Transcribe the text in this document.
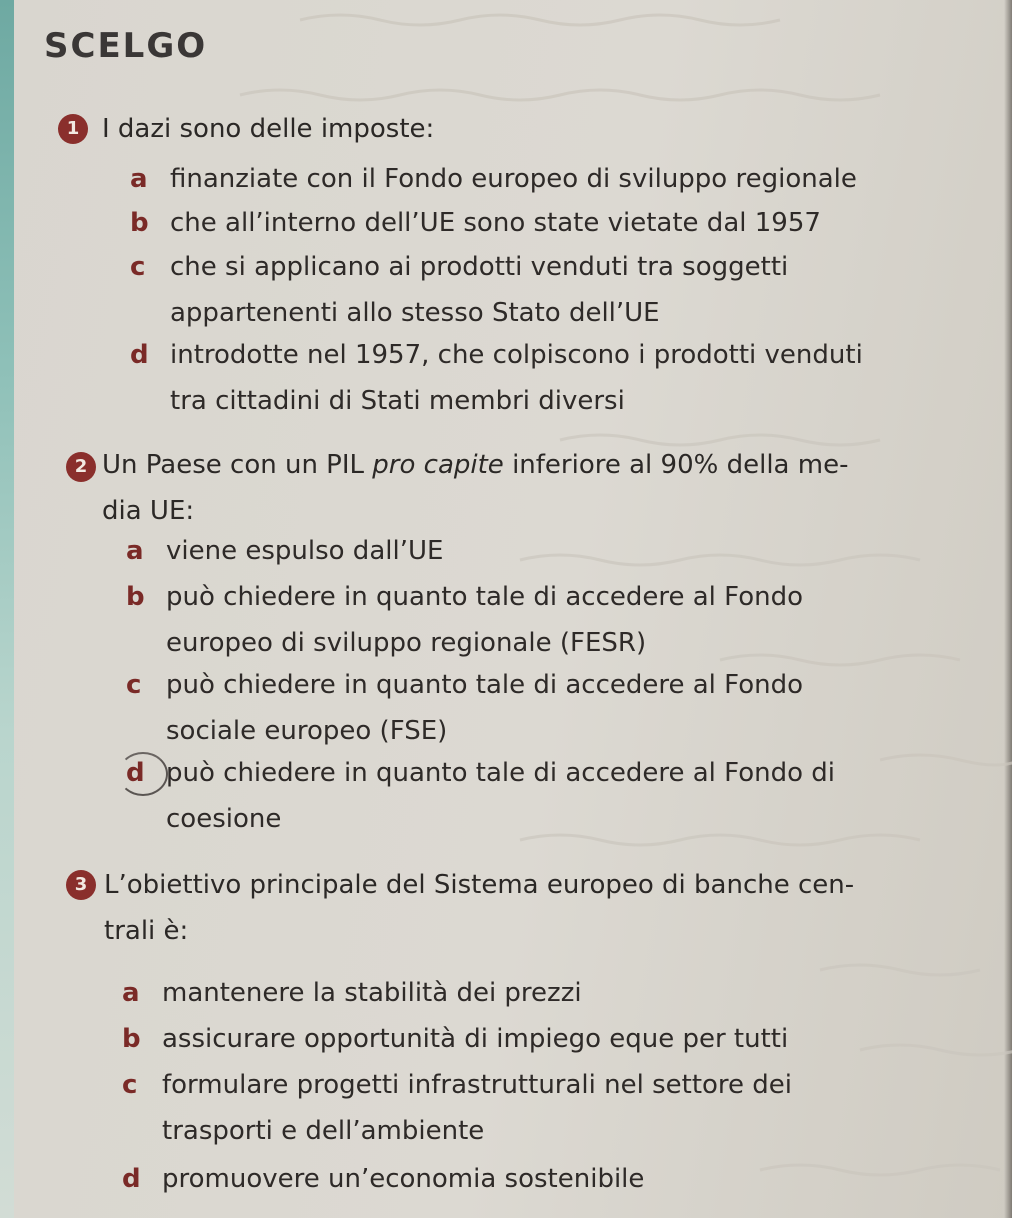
SCELGO
1 I dazi sono delle imposte:
a finanziate con il Fondo europeo di sviluppo regionale
b che all’interno dell’UE sono state vietate dal 1957
c che si applicano ai prodotti venduti tra soggetti
appartenenti allo stesso Stato dell’UE
d introdotte nel 1957, che colpiscono i prodotti venduti
tra cittadini di Stati membri diversi
2 Un Paese con un PIL pro capite inferiore al 90% della me-
dia UE:
a viene espulso dall’UE
b può chiedere in quanto tale di accedere al Fondo
europeo di sviluppo regionale (FESR)
c può chiedere in quanto tale di accedere al Fondo
sociale europeo (FSE)
d può chiedere in quanto tale di accedere al Fondo di
coesione
3 L’obiettivo principale del Sistema europeo di banche cen-
trali è:
a mantenere la stabilità dei prezzi
b assicurare opportunità di impiego eque per tutti
c formulare progetti infrastrutturali nel settore dei
trasporti e dell’ambiente
d promuovere un’economia sostenibile
